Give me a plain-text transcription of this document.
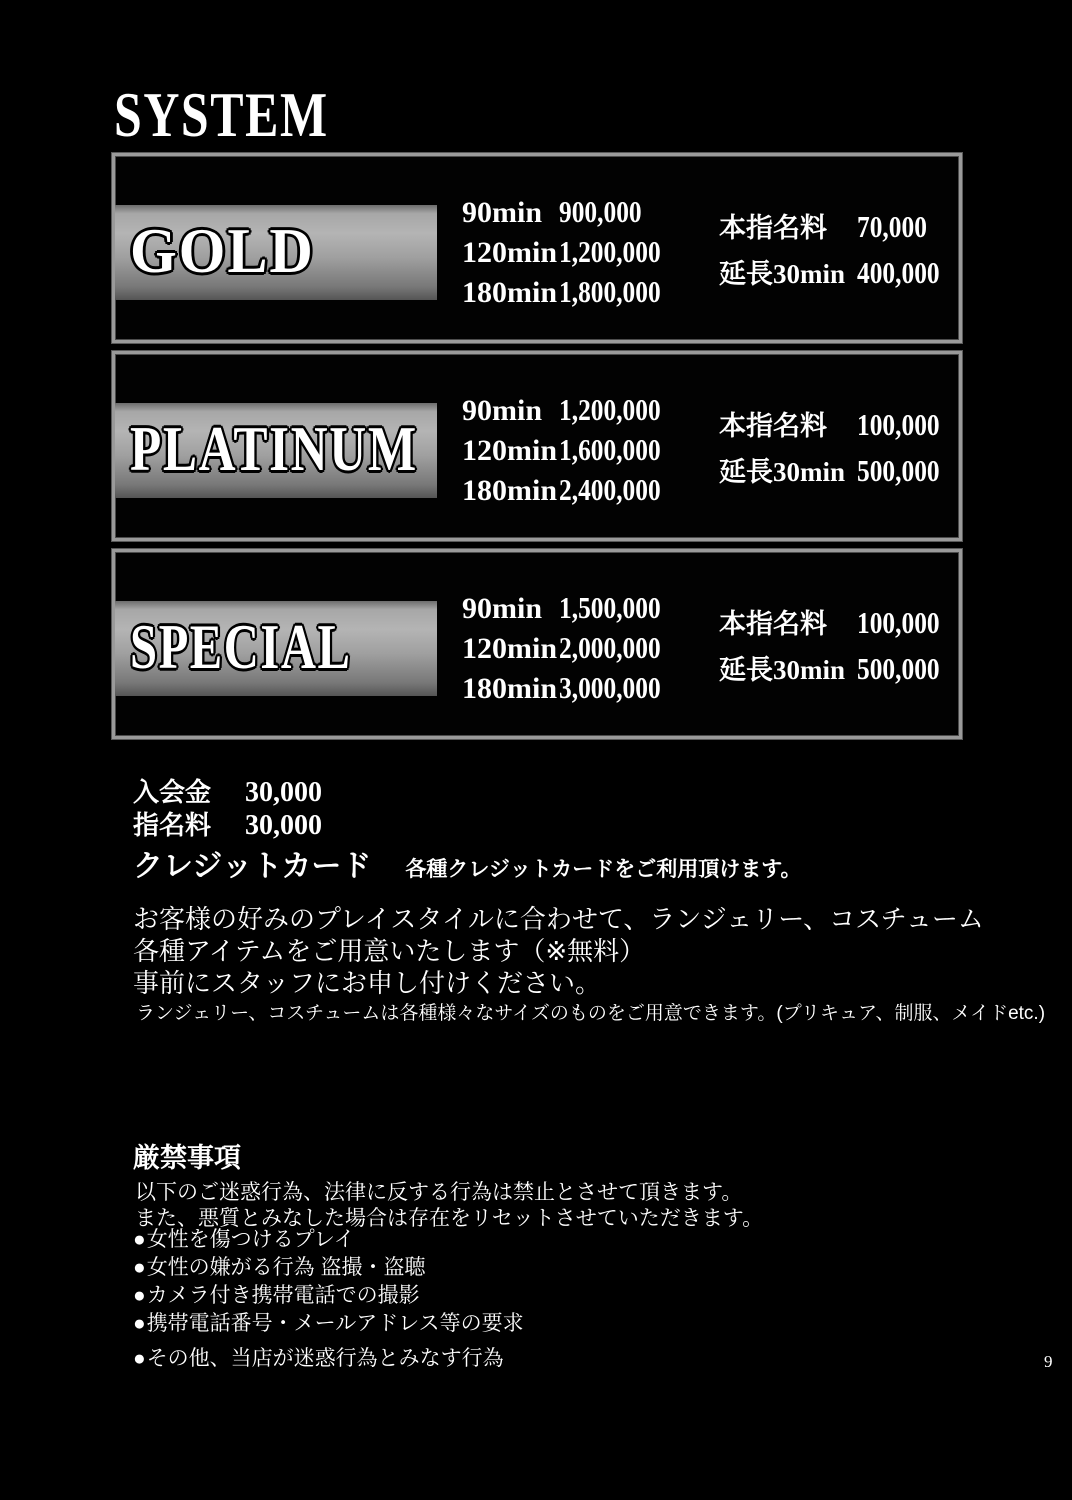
SYSTEM
GOLD
90min 900,000
120min1,200,000
180min1,800,000
本指名料 70,000
延長30min 400,000
PLATINUM
90min 1,200,000
120min1,600,000
180min2,400,000
本指名料 100,000
延長30min 500,000
SPECIAL
90min 1,500,000
120min2,000,000
180min3,000,000
本指名料 100,000
延長30min 500,000
入会金 30,000
指名料 30,000
クレジットカード 各種クレジットカードをご利用頂けます。
お客様の好みのプレイスタイルに合わせて、ランジェリー、コスチューム
各種アイテムをご用意いたします（※無料）
事前にスタッフにお申し付けください。
ランジェリー、コスチュームは各種様々なサイズのものをご用意できます。(プリキュア、制服、メイドetc.)
厳禁事項
以下のご迷惑行為、法律に反する行為は禁止とさせて頂きます。
また、悪質とみなした場合は存在をリセットさせていただきます。
●女性を傷つけるプレイ
●女性の嫌がる行為 盗撮・盗聴
●カメラ付き携帯電話での撮影
●携帯電話番号・メールアドレス等の要求
●その他、当店が迷惑行為とみなす行為	9
